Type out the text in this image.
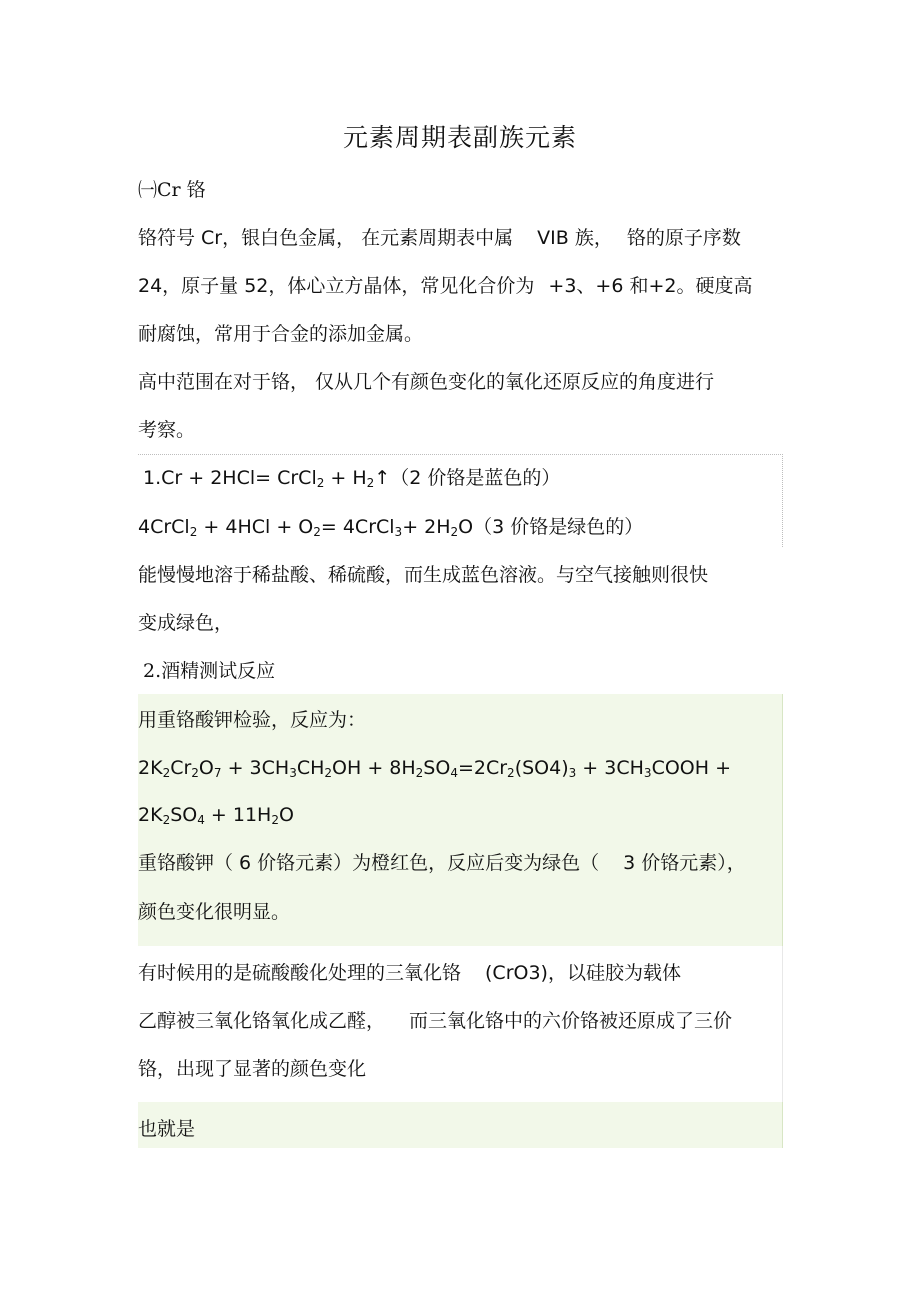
元素周期表副族元素
㈠Cr 铬
铬符号 Cr，银白色金属， 在元素周期表中属 VIB 族， 铬的原子序数
24，原子量 52，体心立方晶体，常见化合价为 +3、+6 和+2。硬度高
耐腐蚀，常用于合金的添加金属。
高中范围在对于铬， 仅从几个有颜色变化的氧化还原反应的角度进行
考察。
1.Cr + 2HCl= CrCl$_2$ + $H_2↑(2$ 价铬是蓝色的）
4CrCl$_2$ + $4HCl + O_2=$ 4CrCl$_3$+ $2H_2O(3$ 价铬是绿色的）
能慢慢地溶于稀盐酸、稀硫酸，而生成蓝色溶液。与空气接触则很快
变成绿色，
2.酒精测试反应
用重铬酸钾检验，反应为：
$2K_2Cr_2O_7 + 3CH_3CH_2OH + 8H_2SO_4=2Cr_2(SO4)_3$ + $3CH_3COOH$ +
$2K_2SO_4 + 11H_2O$
重铬酸钾（ 6 价铬元素）为橙红色，反应后变为绿色（ 3 价铬元素），
颜色变化很明显。
有时候用的是硫酸酸化处理的三氧化铬 (CrO3)，以硅胶为载体
乙醇被三氧化铬氧化成乙醛， 而三氧化铬中的六价铬被还原成了三价
铬，出现了显著的颜色变化
也就是
